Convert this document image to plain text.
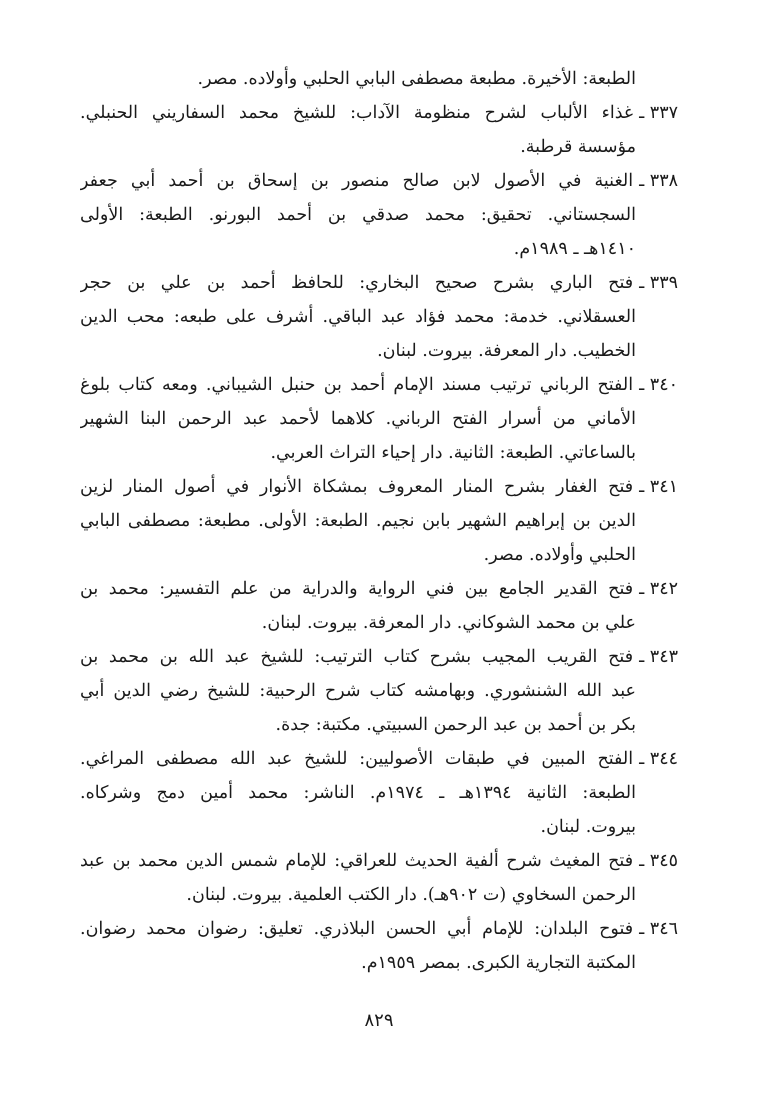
الطبعة: الأخيرة. مطبعة مصطفى البابي الحلبي وأولاده. مصر.
٣٣٧ ـغذاء الألباب لشرح منظومة الآداب: للشيخ محمد السفاريني الحنبلي.
مؤسسة قرطبة.
٣٣٨ ـالغنية في الأصول لابن صالح منصور بن إسحاق بن أحمد أبي جعفر
السجستاني. تحقيق: محمد صدقي بن أحمد البورنو. الطبعة: الأولى
١٤١٠هـ ـ ١٩٨٩م.
٣٣٩ ـفتح الباري بشرح صحيح البخاري: للحافظ أحمد بن علي بن حجر
العسقلاني. خدمة: محمد فؤاد عبد الباقي. أشرف على طبعه: محب الدين
الخطيب. دار المعرفة. بيروت. لبنان.
٣٤٠ ـالفتح الرباني ترتيب مسند الإمام أحمد بن حنبل الشيباني. ومعه كتاب بلوغ
الأماني من أسرار الفتح الرباني. كلاهما لأحمد عبد الرحمن البنا الشهير
بالساعاتي. الطبعة: الثانية. دار إحياء التراث العربي.
٣٤١ ـفتح الغفار بشرح المنار المعروف بمشكاة الأنوار في أصول المنار لزين
الدين بن إبراهيم الشهير بابن نجيم. الطبعة: الأولى. مطبعة: مصطفى البابي
الحلبي وأولاده. مصر.
٣٤٢ ـفتح القدير الجامع بين فني الرواية والدراية من علم التفسير: محمد بن
علي بن محمد الشوكاني. دار المعرفة. بيروت. لبنان.
٣٤٣ ـفتح القريب المجيب بشرح كتاب الترتيب: للشيخ عبد الله بن محمد بن
عبد الله الشنشوري. وبهامشه كتاب شرح الرحبية: للشيخ رضي الدين أبي
بكر بن أحمد بن عبد الرحمن السبيتي. مكتبة: جدة.
٣٤٤ ـالفتح المبين في طبقات الأصوليين: للشيخ عبد الله مصطفى المراغي.
الطبعة: الثانية ١٣٩٤هـ ـ ١٩٧٤م. الناشر: محمد أمين دمج وشركاه.
بيروت. لبنان.
٣٤٥ ـفتح المغيث شرح ألفية الحديث للعراقي: للإمام شمس الدين محمد بن عبد
الرحمن السخاوي (ت ٩٠٢هـ). دار الكتب العلمية. بيروت. لبنان.
٣٤٦ ـفتوح البلدان: للإمام أبي الحسن البلاذري. تعليق: رضوان محمد رضوان.
المكتبة التجارية الكبرى. بمصر ١٩٥٩م.
٨٢٩
